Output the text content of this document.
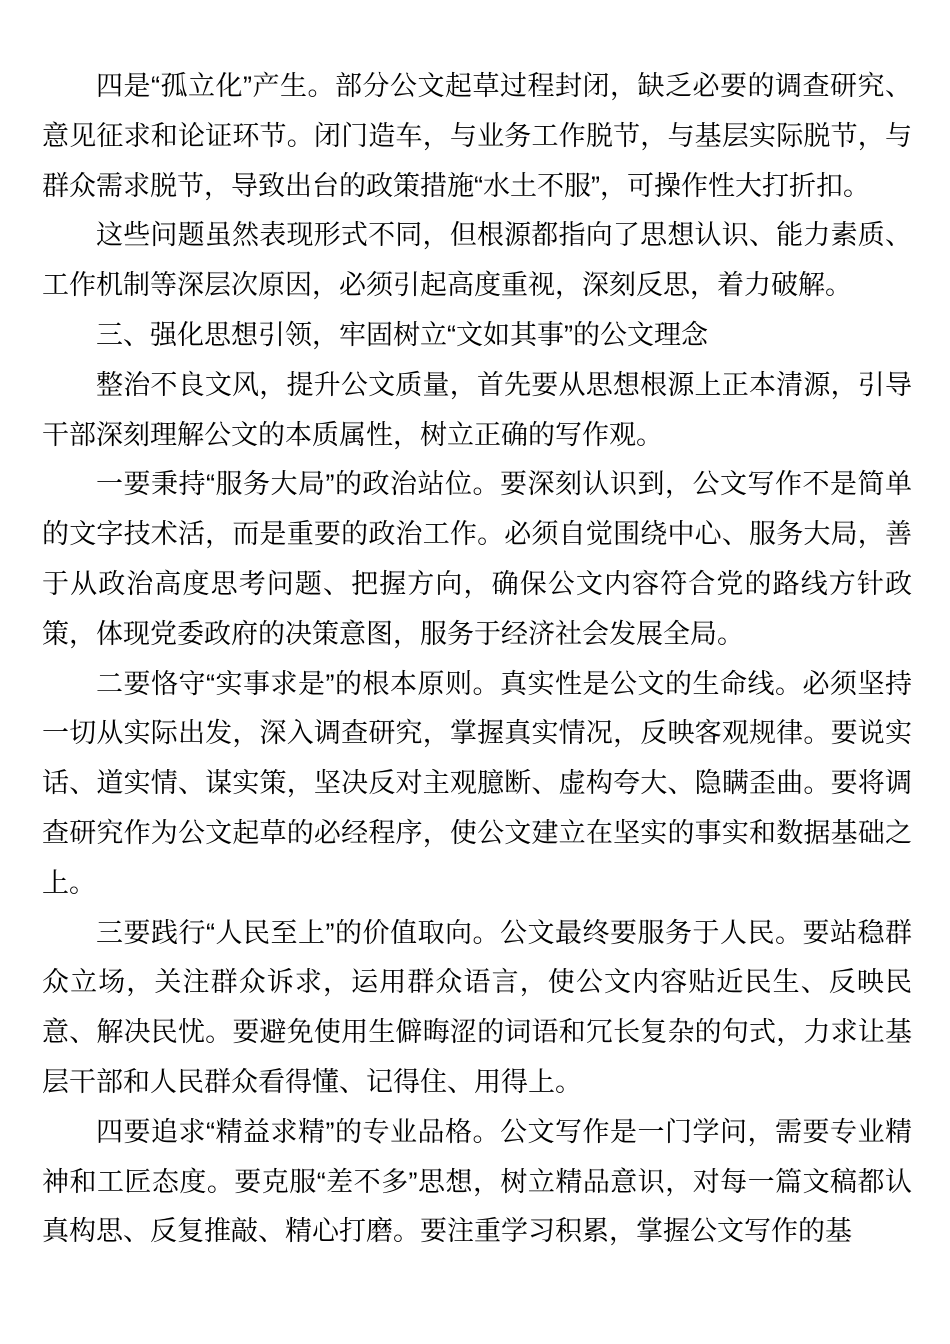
四是“孤立化”产生。部分公文起草过程封闭，缺乏必要的调查研究、意见征求和论证环节。闭门造车，与业务工作脱节，与基层实际脱节，与群众需求脱节，导致出台的政策措施“水土不服”，可操作性大打折扣。

这些问题虽然表现形式不同，但根源都指向了思想认识、能力素质、工作机制等深层次原因，必须引起高度重视，深刻反思，着力破解。

三、强化思想引领，牢固树立“文如其事”的公文理念

整治不良文风，提升公文质量，首先要从思想根源上正本清源，引导干部深刻理解公文的本质属性，树立正确的写作观。

一要秉持“服务大局”的政治站位。要深刻认识到，公文写作不是简单的文字技术活，而是重要的政治工作。必须自觉围绕中心、服务大局，善于从政治高度思考问题、把握方向，确保公文内容符合党的路线方针政策，体现党委政府的决策意图，服务于经济社会发展全局。

二要恪守“实事求是”的根本原则。真实性是公文的生命线。必须坚持一切从实际出发，深入调查研究，掌握真实情况，反映客观规律。要说实话、道实情、谋实策，坚决反对主观臆断、虚构夸大、隐瞒歪曲。要将调查研究作为公文起草的必经程序，使公文建立在坚实的事实和数据基础之上。

三要践行“人民至上”的价值取向。公文最终要服务于人民。要站稳群众立场，关注群众诉求，运用群众语言，使公文内容贴近民生、反映民意、解决民忧。要避免使用生僻晦涩的词语和冗长复杂的句式，力求让基层干部和人民群众看得懂、记得住、用得上。

四要追求“精益求精”的专业品格。公文写作是一门学问，需要专业精神和工匠态度。要克服“差不多”思想，树立精品意识，对每一篇文稿都认真构思、反复推敲、精心打磨。要注重学习积累，掌握公文写作的基
